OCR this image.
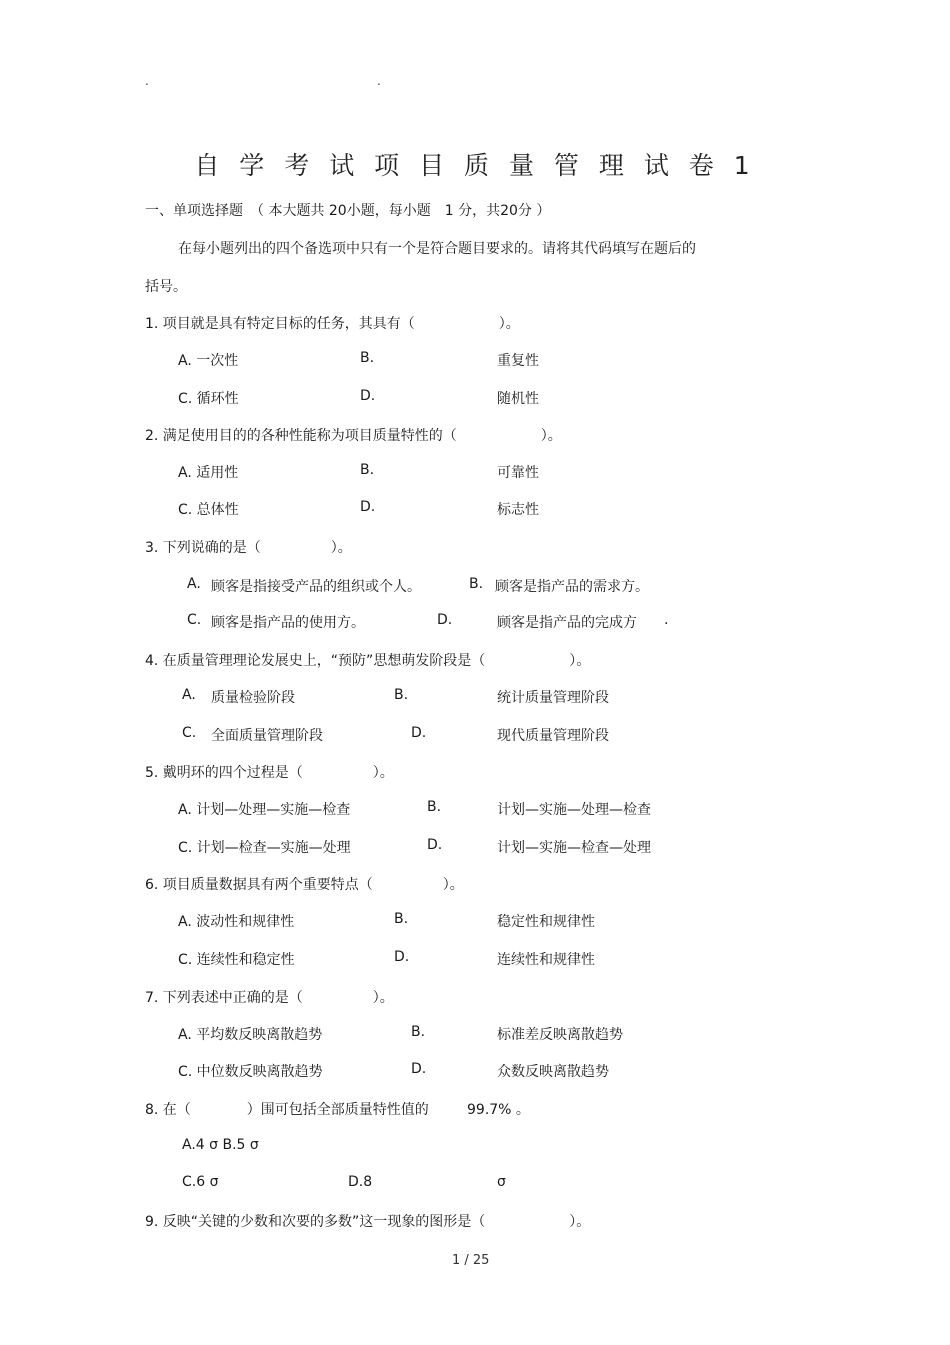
.	.
自 学 考 试 项 目 质 量 管 理 试 卷 1
一、单项选择题　（ 本大题共 20小题，每小题　1 分，共20分 ）
在每小题列出的四个备选项中只有一个是符合题目要求的。请将其代码填写在题后的
括号。
1. 项目就是具有特定目标的任务，其具有（　　　　　　）。
A. 一次性	B.	重复性
C. 循环性	D.	随机性
2. 满足使用目的的各种性能称为项目质量特性的（　　　　　　）。
A. 适用性	B.	可靠性
C. 总体性	D.	标志性
3. 下列说确的是（　　　　　）。
A. 顾客是指接受产品的组织或个人。	B. 顾客是指产品的需求方。
C. 顾客是指产品的使用方。	D.	顾客是指产品的完成方 .
4. 在质量管理理论发展史上，“预防”思想萌发阶段是（　　　　　　）。
A. 质量检验阶段	B.	统计质量管理阶段
C. 全面质量管理阶段	D.	现代质量管理阶段
5. 戴明环的四个过程是（　　　　　）。
A. 计划—处理—实施—检查	B.	计划—实施—处理—检查
C. 计划—检查—实施—处理	D.	计划—实施—检查—处理
6. 项目质量数据具有两个重要特点（　　　　　）。
A. 波动性和规律性	B.	稳定性和规律性
C. 连续性和稳定性	D.	连续性和规律性
7. 下列表述中正确的是（　　　　　）。
A. 平均数反映离散趋势	B.	标准差反映离散趋势
C. 中位数反映离散趋势	D.	众数反映离散趋势
8. 在（　　　　）围可包括全部质量特性值的	99.7% 。
A.4 σ B.5 σ
C.6 σ	D.8	σ
9. 反映“关键的少数和次要的多数”这一现象的图形是（　　　　　　）。
1 / 25
